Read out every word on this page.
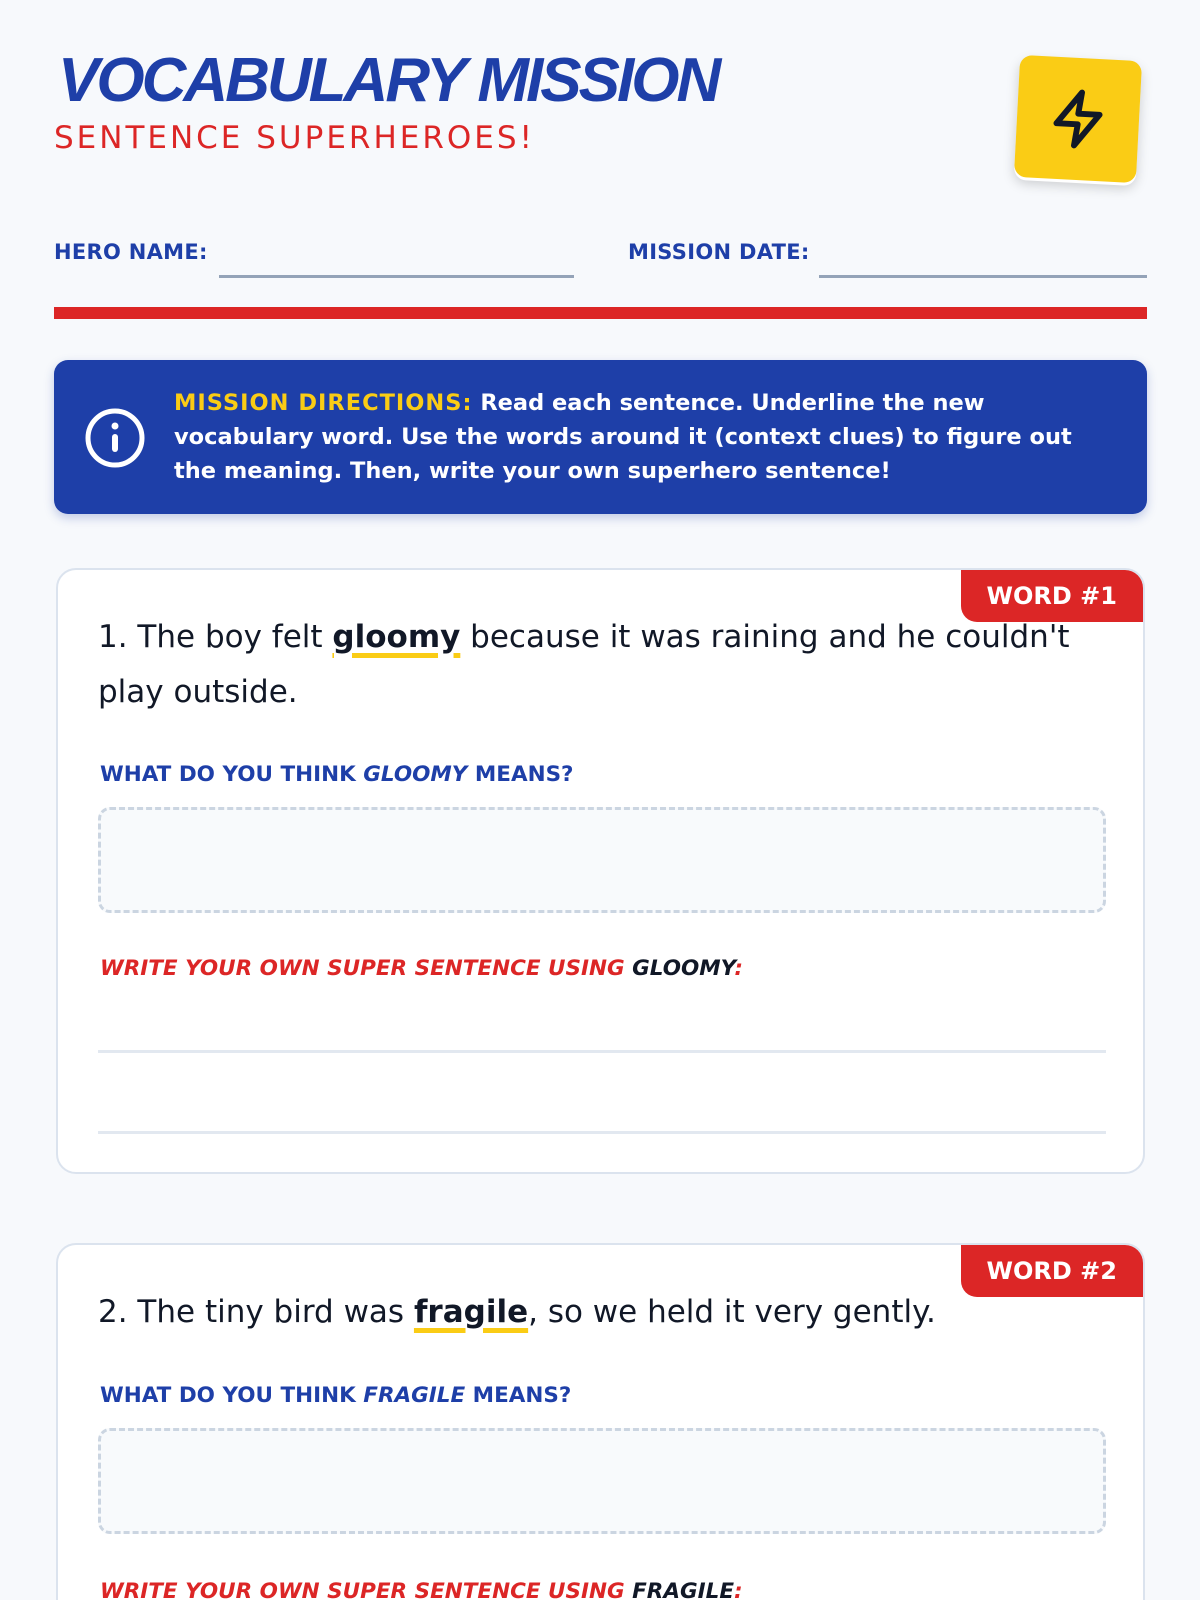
VOCABULARY MISSION
SENTENCE SUPERHEROES!
HERO NAME:	MISSION DATE:

MISSION DIRECTIONS: Read each sentence. Underline the new vocabulary word. Use the words around it (context clues) to figure out the meaning. Then, write your own superhero sentence!

WORD #1

1. The boy felt gloomy because it was raining and he couldn't play outside.

WHAT DO YOU THINK GLOOMY MEANS?
WRITE YOUR OWN SUPER SENTENCE USING GLOOMY:
WORD #2

2. The tiny bird was fragile, so we held it very gently.

WHAT DO YOU THINK FRAGILE MEANS?
WRITE YOUR OWN SUPER SENTENCE USING FRAGILE:
